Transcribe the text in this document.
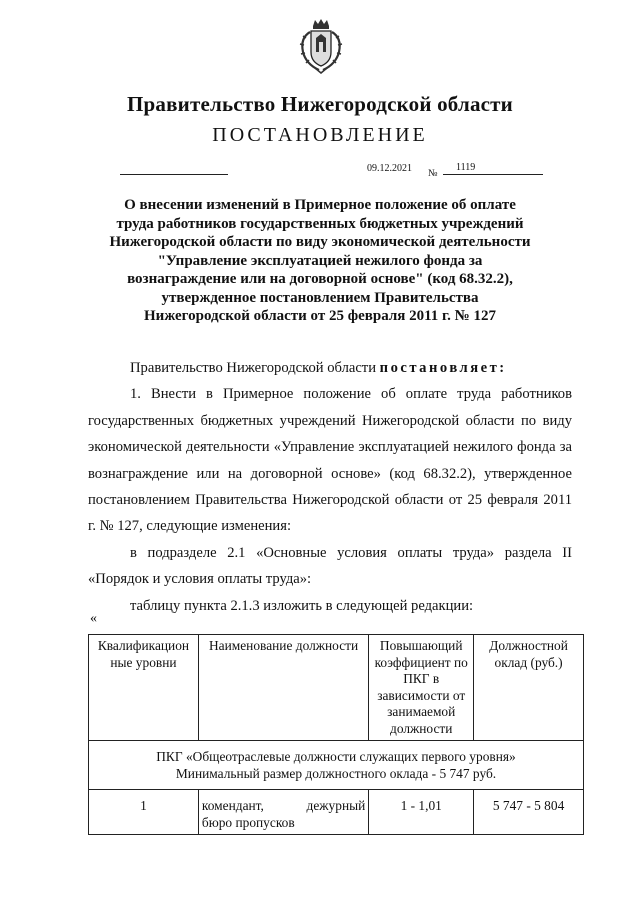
Правительство Нижегородской области
ПОСТАНОВЛЕНИЕ
09.12.2021 №
1119
О внесении изменений в Примерное положение об оплате
труда работников государственных бюджетных учреждений
Нижегородской области по виду экономической деятельности
"Управление эксплуатацией нежилого фонда за
вознаграждение или на договорной основе" (код 68.32.2),
утвержденное постановлением Правительства
Нижегородской области от 25 февраля 2011 г. № 127

Правительство Нижегородской области постановляет:

1. Внести в Примерное положение об оплате труда работников государственных бюджетных учреждений Нижегородской области по виду экономической деятельности «Управление эксплуатацией нежилого фонда за вознаграждение или на договорной основе» (код 68.32.2), утвержденное постановлением Правительства Нижегородской области от 25 февраля 2011 г. № 127, следующие изменения:

в подразделе 2.1 «Основные условия оплаты труда» раздела II «Порядок и условия оплаты труда»:

таблицу пункта 2.1.3 изложить в следующей редакции:

«
Квалификацион ные уровни	Наименование должности	Повышающий коэффициент по ПКГ в зависимости от занимаемой должности	Должностной оклад (руб.)

ПКГ «Общеотраслевые должности служащих первого уровня»
Минимальный размер должностного оклада - 5 747 руб.			

1	комендант, дежурный
бюро пропусков	1 - 1,01	5 747 - 5 804
